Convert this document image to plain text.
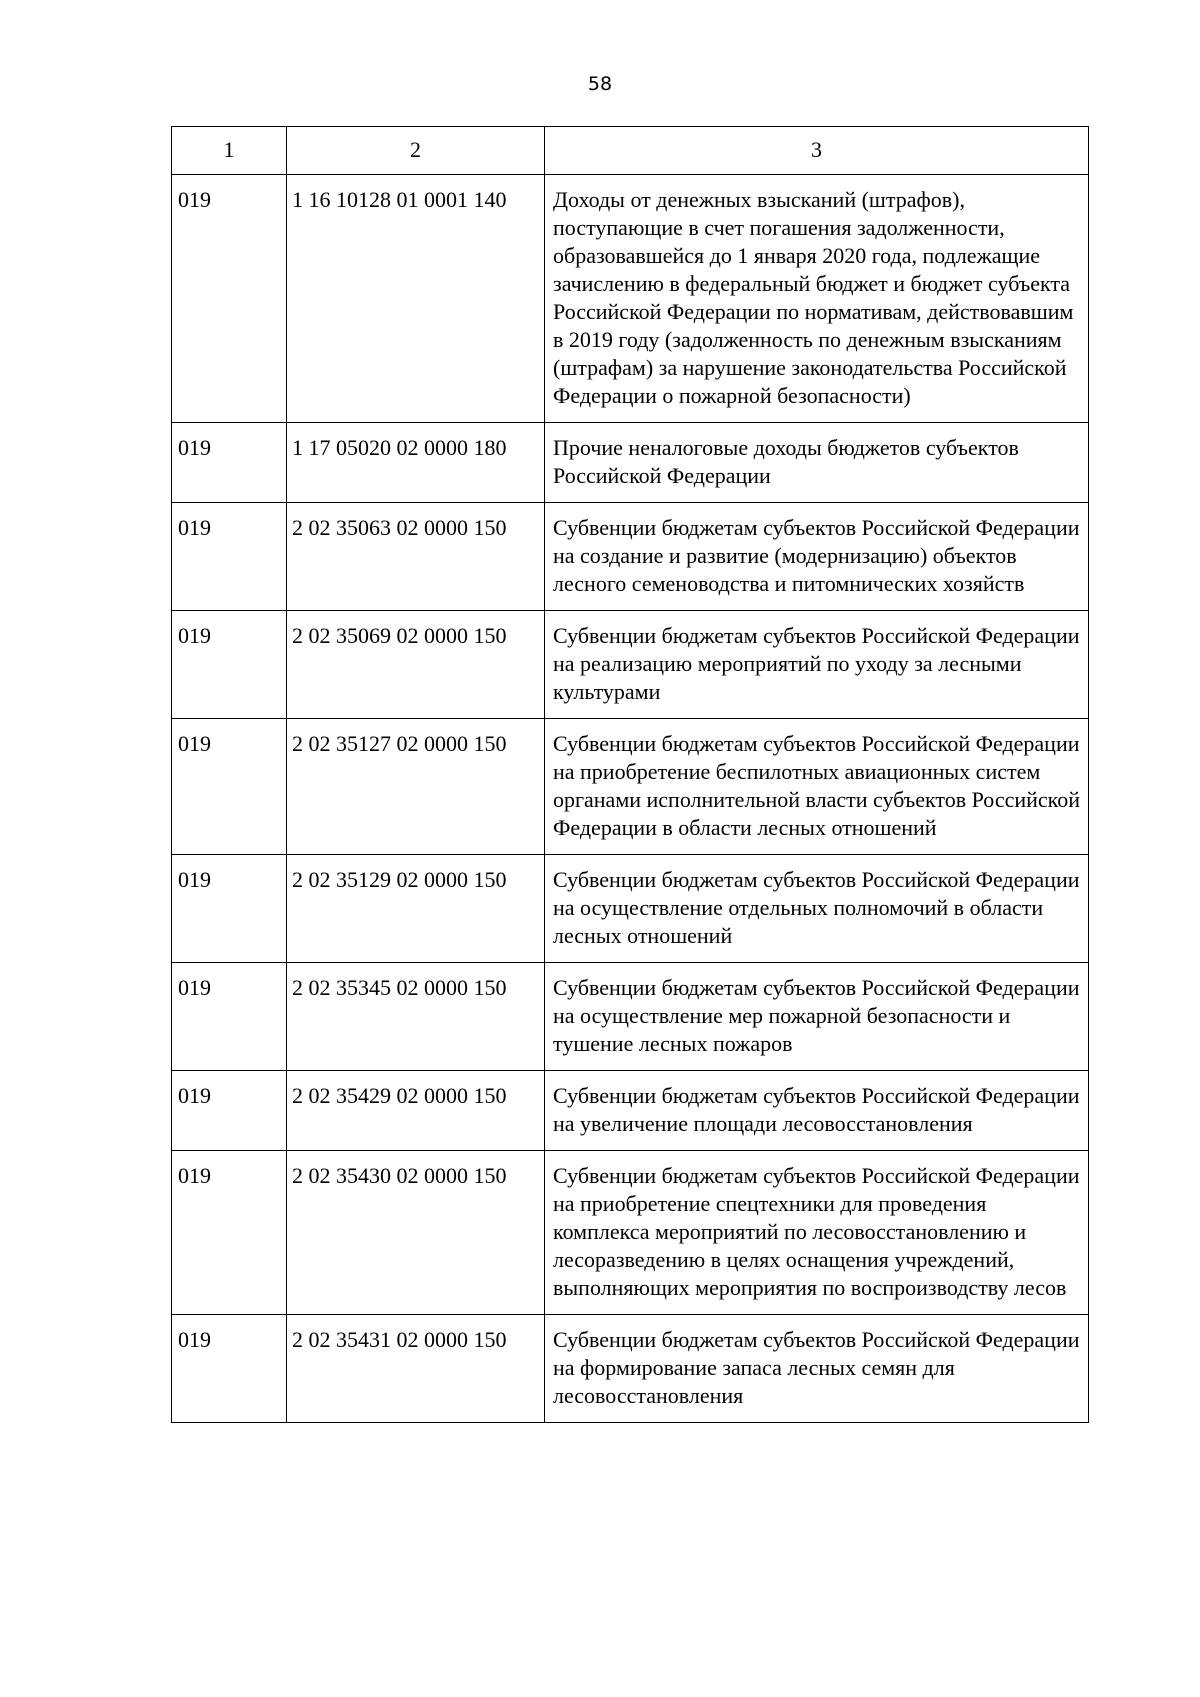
58
1	2	3
019	1 16 10128 01 0001 140	Доходы от денежных взысканий (штрафов), поступающие в счет погашения задолженности, образовавшейся до 1 января 2020 года, подлежащие зачислению в федеральный бюджет и бюджет субъекта Российской Федерации по нормативам, действовавшим в 2019 году (задолженность по денежным взысканиям (штрафам) за нарушение законодательства Российской Федерации о пожарной безопасности)
019	1 17 05020 02 0000 180	Прочие неналоговые доходы бюджетов субъектов Российской Федерации
019	2 02 35063 02 0000 150	Субвенции бюджетам субъектов Российской Федерации на создание и развитие (модернизацию) объектов лесного семеноводства и питомнических хозяйств
019	2 02 35069 02 0000 150	Субвенции бюджетам субъектов Российской Федерации на реализацию мероприятий по уходу за лесными культурами
019	2 02 35127 02 0000 150	Субвенции бюджетам субъектов Российской Федерации на приобретение беспилотных авиационных систем органами исполнительной власти субъектов Российской Федерации в области лесных отношений
019	2 02 35129 02 0000 150	Субвенции бюджетам субъектов Российской Федерации на осуществление отдельных полномочий в области лесных отношений
019	2 02 35345 02 0000 150	Субвенции бюджетам субъектов Российской Федерации на осуществление мер пожарной безопасности и тушение лесных пожаров
019	2 02 35429 02 0000 150	Субвенции бюджетам субъектов Российской Федерации на увеличение площади лесовосстановления
019	2 02 35430 02 0000 150	Субвенции бюджетам субъектов Российской Федерации на приобретение спецтехники для проведения комплекса мероприятий по лесовосстановлению и лесоразведению в целях оснащения учреждений, выполняющих мероприятия по воспроизводству лесов
019	2 02 35431 02 0000 150	Субвенции бюджетам субъектов Российской Федерации на формирование запаса лесных семян для лесовосстановления
